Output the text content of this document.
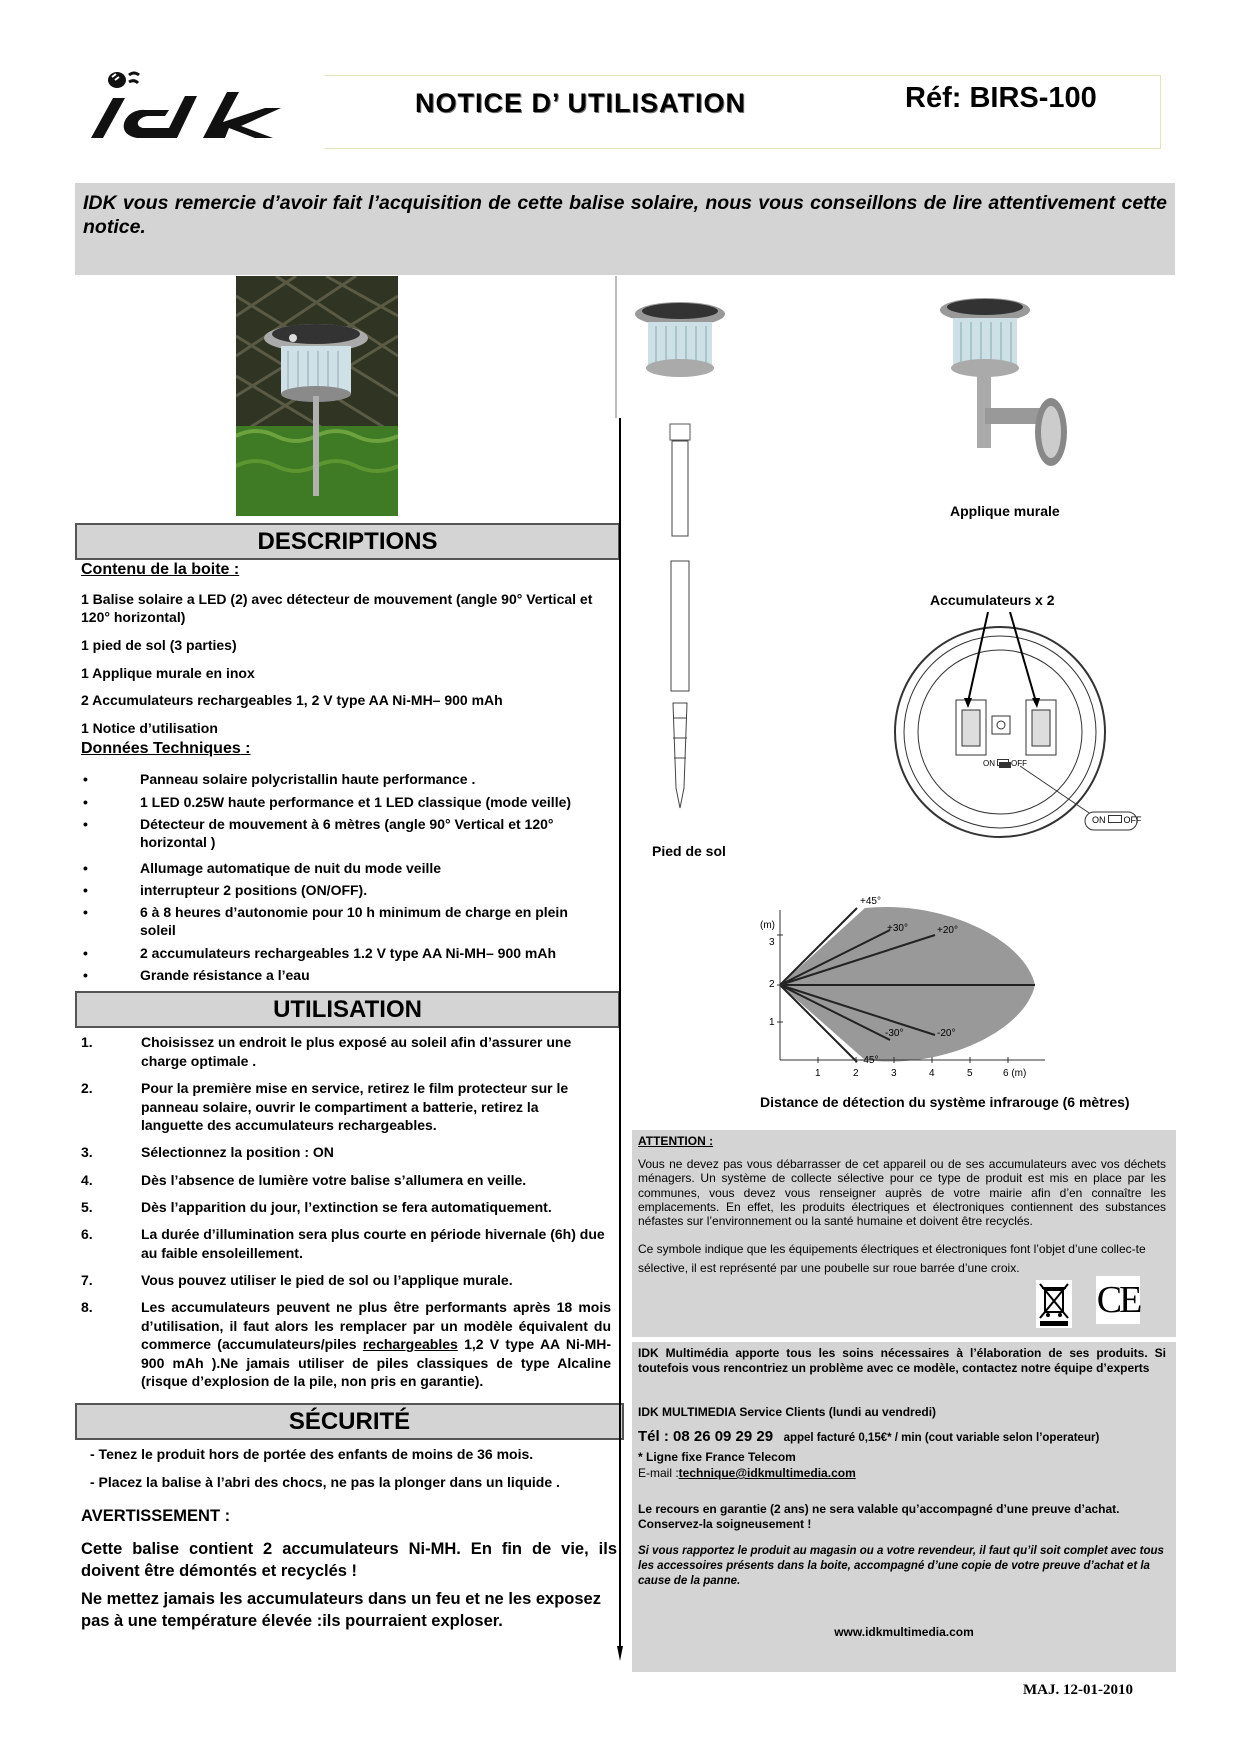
NOTICE D’ UTILISATION	Réf: BIRS-100

IDK vous remercie d’avoir fait l’acquisition de cette balise solaire, nous vous conseillons de lire attentivement cette notice.

DESCRIPTIONS
Contenu de la boite :
1 Balise solaire a LED (2) avec détecteur de mouvement (angle 90° Vertical et 120° horizontal)
1 pied de sol (3 parties)
1 Applique murale en inox
2 Accumulateurs rechargeables 1, 2 V type AA Ni-MH– 900 mAh
1 Notice d’utilisation
Données Techniques :
•	Panneau solaire polycristallin haute performance .
•	1 LED 0.25W haute performance et 1 LED classique (mode veille)
•	Détecteur de mouvement à 6 mètres (angle 90° Vertical et 120° horizontal )
•	Allumage automatique de nuit du mode veille
•	interrupteur 2 positions (ON/OFF).
•	6 à 8 heures d’autonomie pour 10 h minimum de charge en plein soleil
•	2 accumulateurs rechargeables 1.2 V type AA Ni-MH– 900 mAh
•	Grande résistance a l’eau
UTILISATION
1.	Choisissez un endroit le plus exposé au soleil afin d’assurer une charge optimale .
2.	Pour la première mise en service, retirez le film protecteur sur le panneau solaire, ouvrir le compartiment a batterie, retirez la languette des accumulateurs rechargeables.
3.	Sélectionnez la position : ON
4.	Dès l’absence de lumière votre balise s’allumera en veille.
5.	Dès l’apparition du jour, l’extinction se fera automatiquement.
6.	La durée d’illumination sera plus courte en période hivernale (6h) due au faible ensoleillement.
7.	Vous pouvez utiliser le pied de sol ou l’applique murale.
8.	Les accumulateurs peuvent ne plus être performants après 18 mois d’utilisation, il faut alors les remplacer par un modèle équivalent du commerce (accumulateurs/piles rechargeables 1,2 V type AA Ni-MH-900 mAh ).Ne jamais utiliser de piles classiques de type Alcaline (risque d’explosion de la pile, non pris en garantie).
SÉCURITÉ
- Tenez le produit hors de portée des enfants de moins de 36 mois.
- Placez la balise à l’abri des chocs, ne pas la plonger dans un liquide .
AVERTISSEMENT :
Cette balise contient 2 accumulateurs Ni-MH. En fin de vie, ils doivent être démontés et recyclés !
Ne mettez jamais les accumulateurs dans un feu et ne les exposez pas à une température élevée :ils pourraient exploser.
Pied de sol
Applique murale
Accumulateurs x 2
ON OFF
ON OFF
(m)
3
2
1
1	2	3	4	5	6 (m)
+45°
+30°	+20°
-30°	-20°
-45°
Distance de détection du système infrarouge (6 mètres)
ATTENTION :
Vous ne devez pas vous débarrasser de cet appareil ou de ses accumulateurs avec vos déchets ménagers. Un système de collecte sélective pour ce type de produit est mis en place par les communes, vous devez vous renseigner auprès de votre mairie afin d’en connaître les emplacements. En effet, les produits électriques et électroniques contiennent des substances néfastes sur l’environnement ou la santé humaine et doivent être recyclés.
Ce symbole indique que les équipements électriques et électroniques font l’objet d’une collec-te sélective, il est représenté par une poubelle sur roue barrée d’une croix.
CE
IDK Multimédia apporte tous les soins nécessaires à l’élaboration de ses produits. Si toutefois vous rencontriez un problème avec ce modèle, contactez notre équipe d’experts
IDK MULTIMEDIA Service Clients (lundi au vendredi)
Tél : 08 26 09 29 29 appel facturé 0,15€* / min (cout variable selon l’operateur)
* Ligne fixe France Telecom
E-mail :technique@idkmultimedia.com
Le recours en garantie (2 ans) ne sera valable qu’accompagné d’une preuve d’achat. Conservez-la soigneusement !
Si vous rapportez le produit au magasin ou a votre revendeur, il faut qu’il soit complet avec tous les accessoires présents dans la boite, accompagné d’une copie de votre preuve d’achat et la cause de la panne.
www.idkmultimedia.com
MAJ. 12-01-2010
